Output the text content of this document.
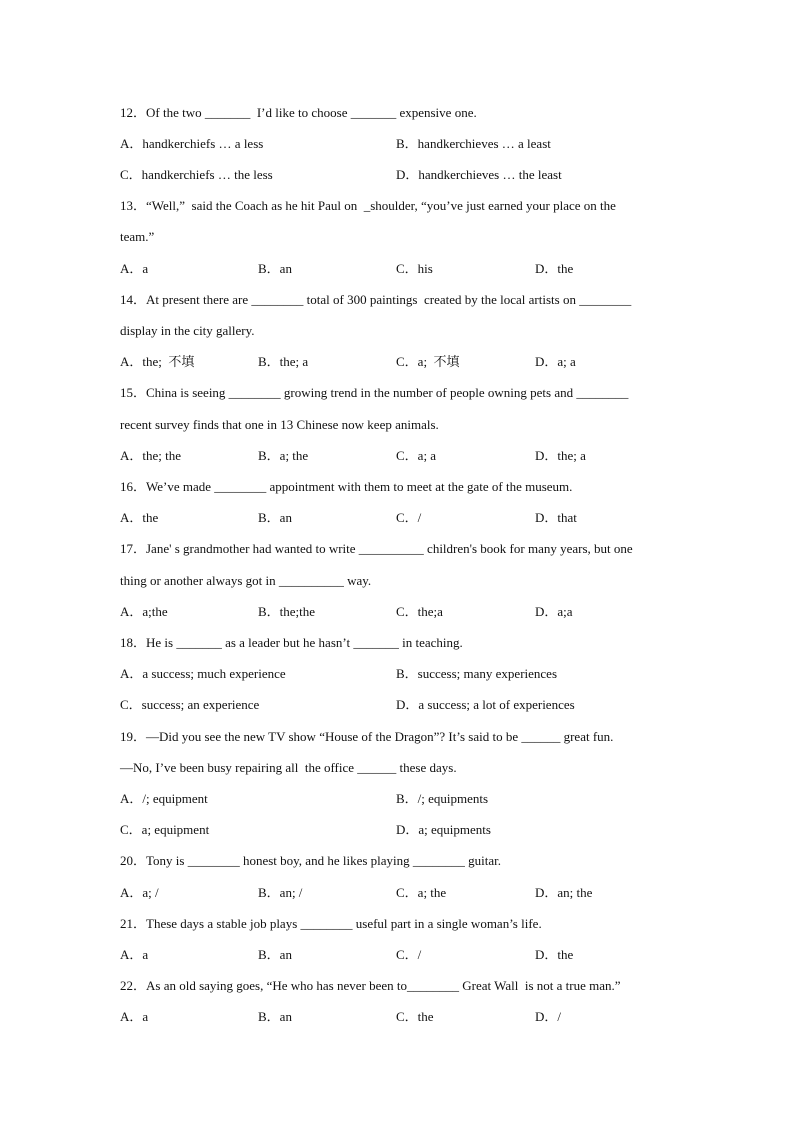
12．Of the two _______  I’d like to choose _______ expensive one.
A．handkerchiefs … a less	B．handkerchieves … a least
C．handkerchiefs … the less	D．handkerchieves … the least
13．“Well,”  said the Coach as he hit Paul on  _shoulder, “you’ve just earned your place on the
team.”
A．a	B．an	C．his	D．the
14．At present there are ________ total of 300 paintings  created by the local artists on ________
display in the city gallery.
A．the;  不填	B．the; a	C．a;  不填	D．a; a
15．China is seeing ________ growing trend in the number of people owning pets and ________
recent survey finds that one in 13 Chinese now keep animals.
A．the; the	B．a; the	C．a; a	D．the; a
16．We’ve made ________ appointment with them to meet at the gate of the museum.
A．the	B．an	C．/	D．that
17．Jane' s grandmother had wanted to write __________ children's book for many years, but one
thing or another always got in __________ way.
A．a;the	B．the;the	C．the;a	D．a;a
18．He is _______ as a leader but he hasn’t _______ in teaching.
A．a success; much experience	B．success; many experiences
C．success; an experience	D．a success; a lot of experiences
19．—Did you see the new TV show “House of the Dragon”? It’s said to be ______ great fun.
—No, I’ve been busy repairing all  the office ______ these days.
A．/; equipment	B．/; equipments
C．a; equipment	D．a; equipments
20．Tony is ________ honest boy, and he likes playing ________ guitar.
A．a; /	B．an; /	C．a; the	D．an; the
21．These days a stable job plays ________ useful part in a single woman’s life.
A．a	B．an	C．/	D．the
22．As an old saying goes, “He who has never been to________ Great Wall  is not a true man.”
A．a	B．an	C．the	D．/
